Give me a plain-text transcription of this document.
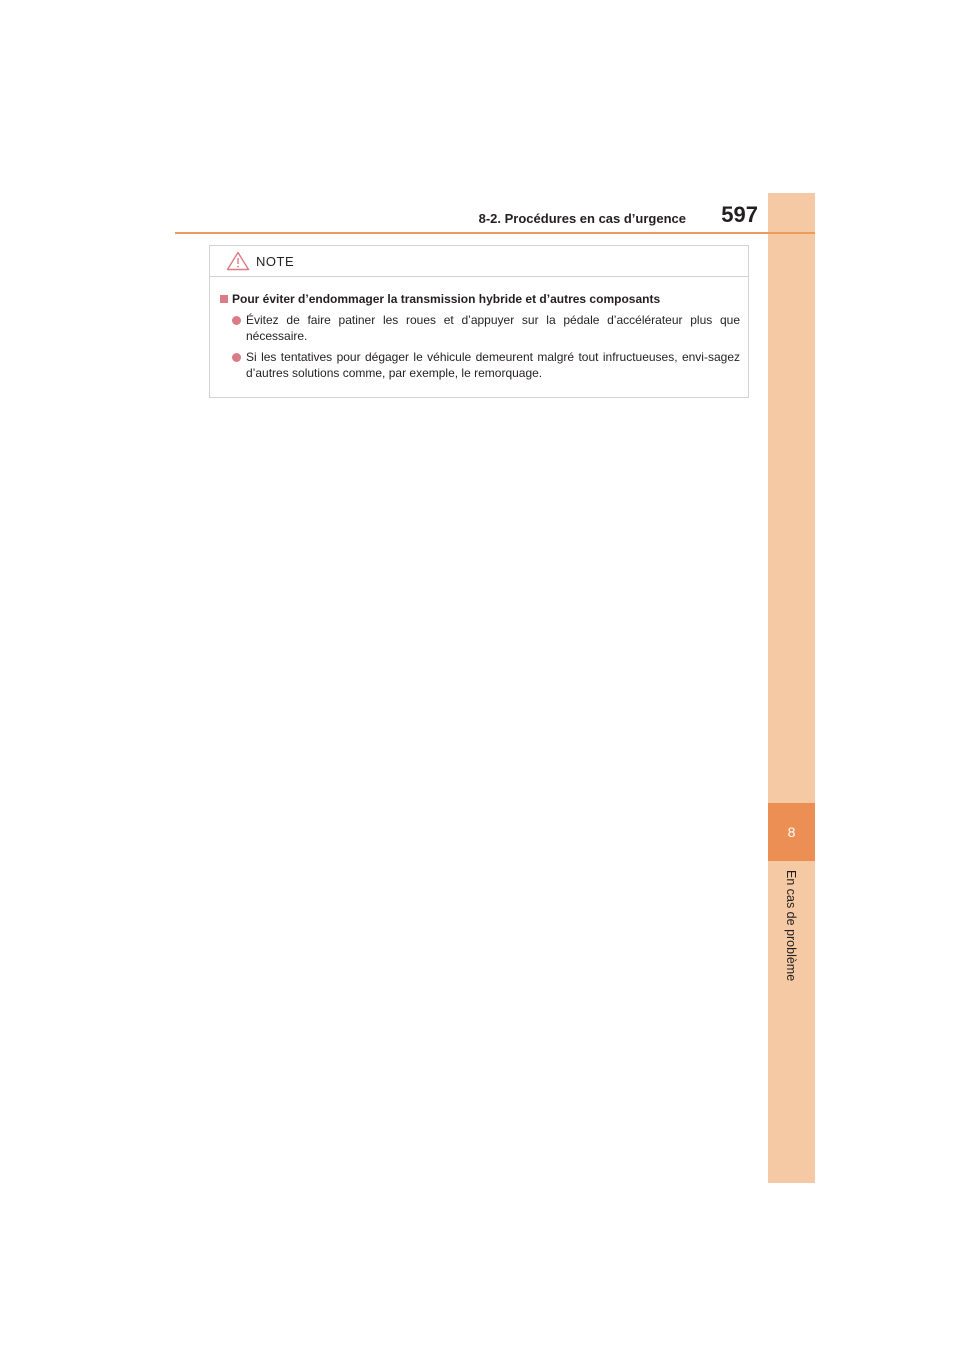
8
En cas de problème
8-2. Procédures en cas d’urgence 597
NOTE
Pour éviter d’endommager la transmission hybride et d’autres composants
Évitez de faire patiner les roues et d’appuyer sur la pédale d’accélérateur plus que nécessaire.
Si les tentatives pour dégager le véhicule demeurent malgré tout infructueuses, envi-sagez d’autres solutions comme, par exemple, le remorquage.
